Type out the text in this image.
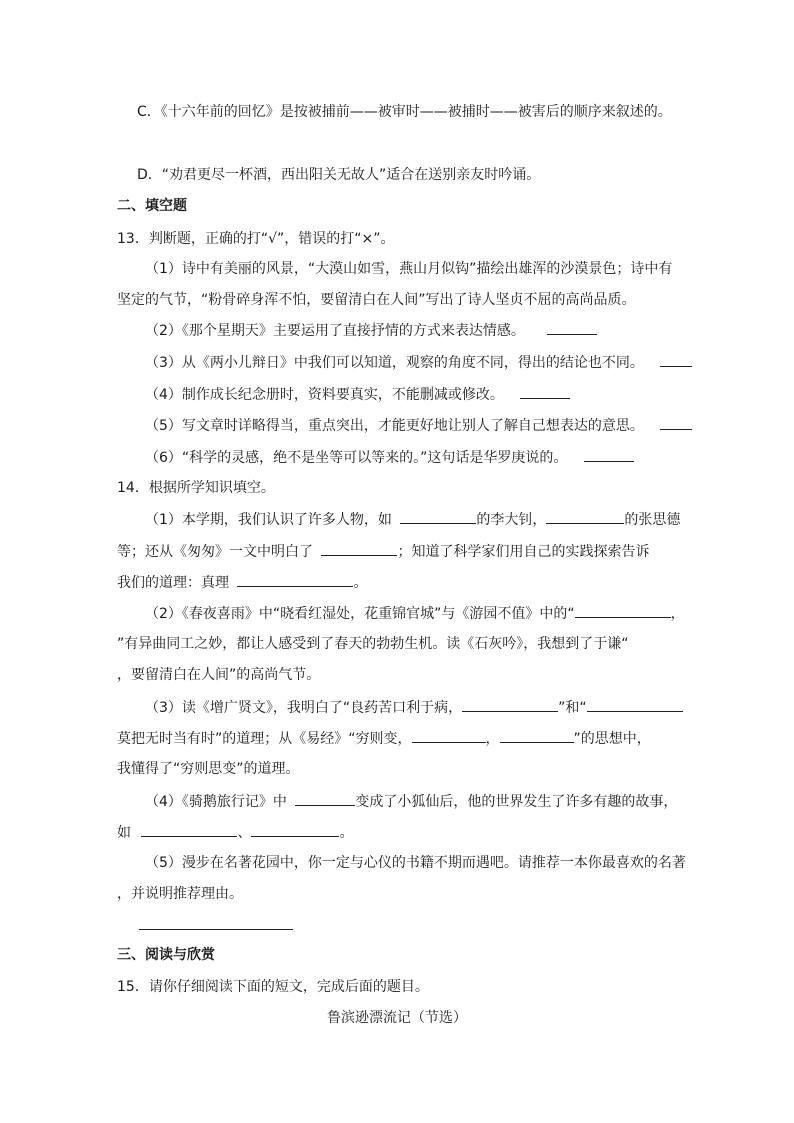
C．《十六年前的回忆》是按被捕前——被审时——被捕时——被害后的顺序来叙述的。
D．“劝君更尽一杯酒，西出阳关无故人”适合在送别亲友时吟诵。
二、填空题
13．判断题，正确的打“√”，错误的打“×”。
（1）诗中有美丽的风景，“大漠山如雪，燕山月似钩”描绘出雄浑的沙漠景色；诗中有
坚定的气节，“粉骨碎身浑不怕，要留清白在人间”写出了诗人坚贞不屈的高尚品质。
（2）《那个星期天》主要运用了直接抒情的方式来表达情感。
（3）从《两小儿辩日》中我们可以知道，观察的角度不同，得出的结论也不同。
（4）制作成长纪念册时，资料要真实，不能删减或修改。
（5）写文章时详略得当，重点突出，才能更好地让别人了解自己想表达的意思。
（6）“科学的灵感，绝不是坐等可以等来的。”这句话是华罗庚说的。
14．根据所学知识填空。
（1）本学期，我们认识了许多人物，如	的李大钊，	的张思德
等；还从《匆匆》一文中明白了	；知道了科学家们用自己的实践探索告诉
我们的道理：真理	。
（2）《春夜喜雨》中“晓看红湿处，花重锦官城”与《游园不值》中的“	，
”有异曲同工之妙，都让人感受到了春天的勃勃生机。读《石灰吟》，我想到了于谦“
，要留清白在人间”的高尚气节。
（3）读《增广贤文》，我明白了“良药苦口利于病，	”和“
莫把无时当有时”的道理；从《易经》“穷则变，	，	”的思想中，
我懂得了“穷则思变”的道理。
（4）《骑鹅旅行记》中	变成了小狐仙后，他的世界发生了许多有趣的故事，
如	、	。
（5）漫步在名著花园中，你一定与心仪的书籍不期而遇吧。请推荐一本你最喜欢的名著
，并说明推荐理由。
三、阅读与欣赏
15．请你仔细阅读下面的短文，完成后面的题目。
鲁滨逊漂流记（节选）
